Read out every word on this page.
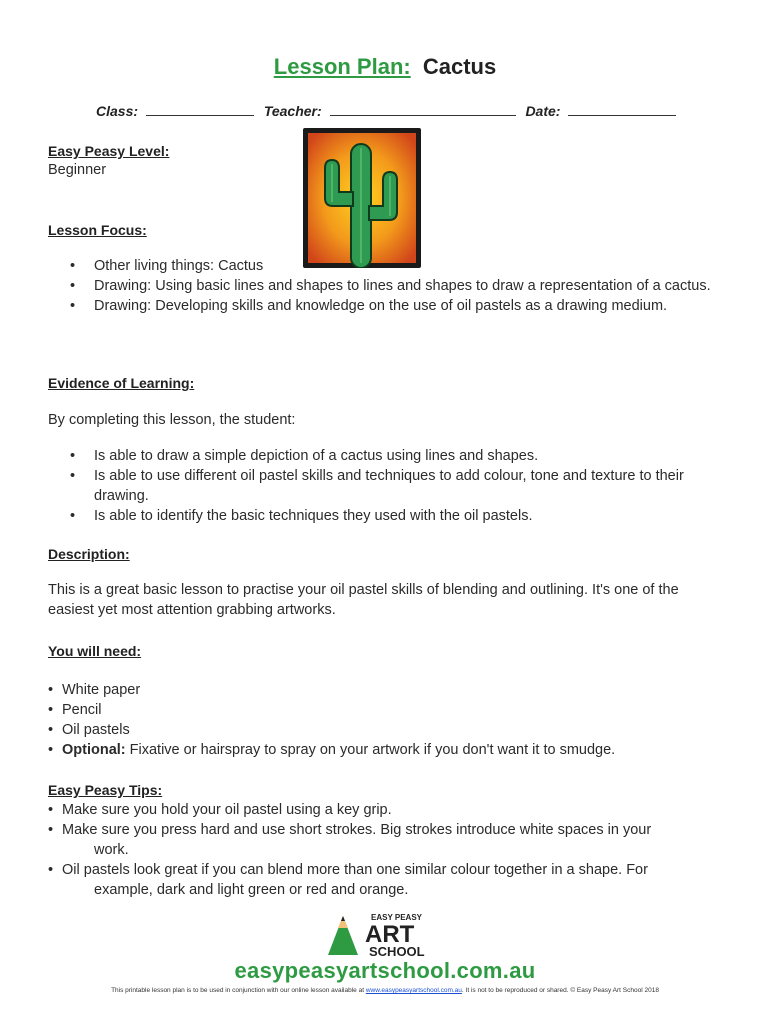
Lesson Plan: Cactus
Class:	Teacher:	Date:
Easy Peasy Level:
Beginner
Lesson Focus:
• Other living things: Cactus
• Drawing: Using basic lines and shapes to lines and shapes to draw a representation of a cactus.
• Drawing: Developing skills and knowledge on the use of oil pastels as a drawing medium.
Evidence of Learning:
By completing this lesson, the student:
• Is able to draw a simple depiction of a cactus using lines and shapes.
• Is able to use different oil pastel skills and techniques to add colour, tone and texture to their drawing.
• Is able to identify the basic techniques they used with the oil pastels.
Description:
This is a great basic lesson to practise your oil pastel skills of blending and outlining. It's one of the easiest yet most attention grabbing artworks.
You will need:
• White paper
• Pencil
• Oil pastels
• Optional: Fixative or hairspray to spray on your artwork if you don't want it to smudge.
Easy Peasy Tips:
• Make sure you hold your oil pastel using a key grip.
• Make sure you press hard and use short strokes. Big strokes introduce white spaces in your
work.
• Oil pastels look great if you can blend more than one similar colour together in a shape. For
example, dark and light green or red and orange.
EASY PEASY
ART
SCHOOL
easypeasyartschool.com.au
This printable lesson plan is to be used in conjunction with our online lesson available at www.easypeasyartschool.com.au. It is not to be reproduced or shared. © Easy Peasy Art School 2018
